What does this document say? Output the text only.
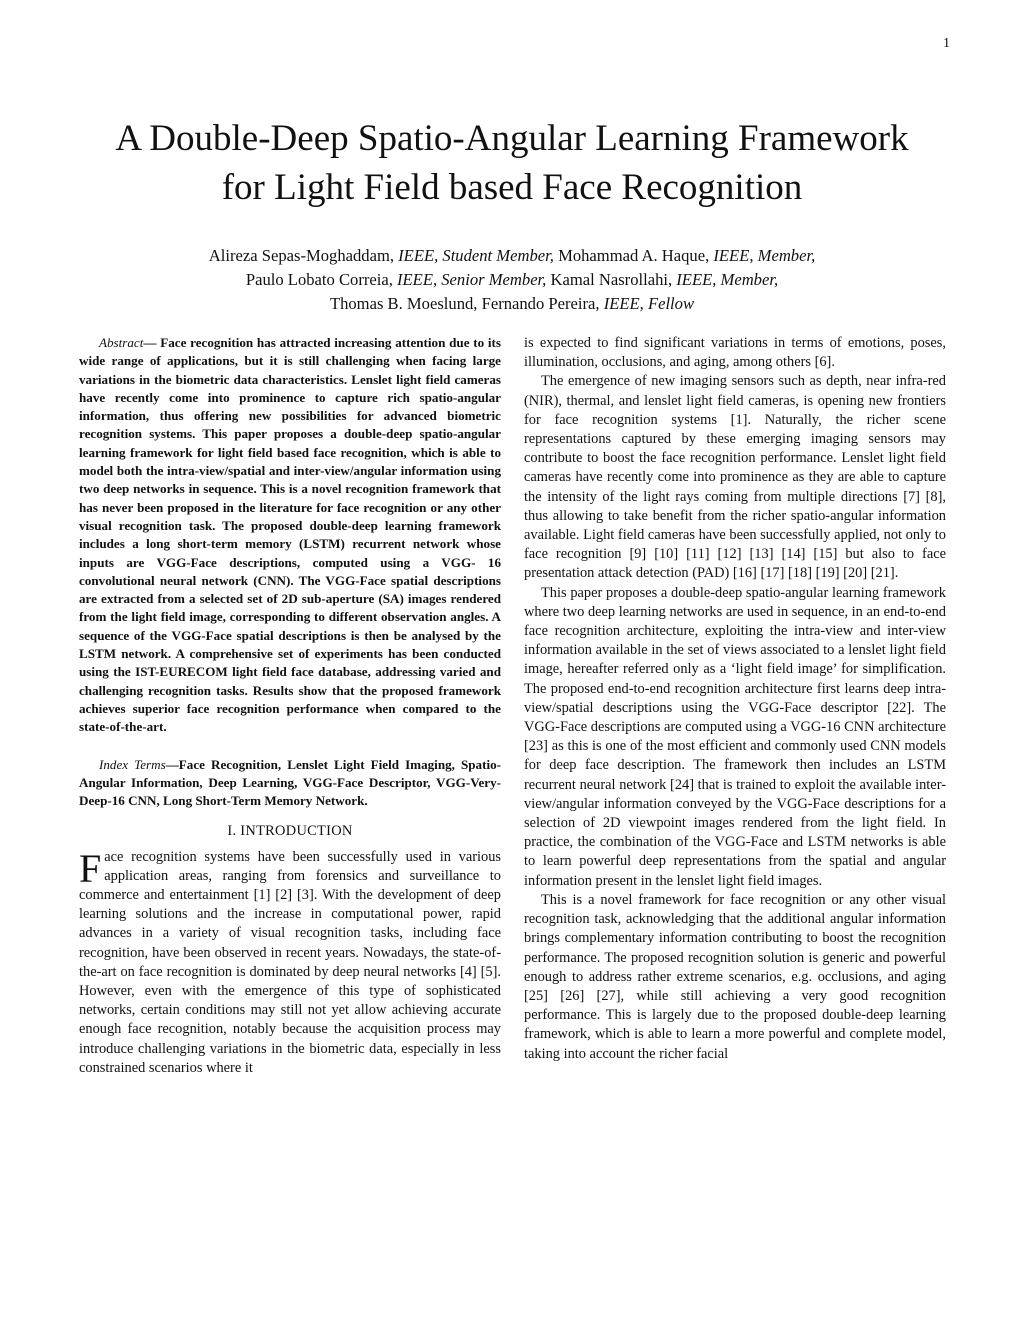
1
A Double-Deep Spatio-Angular Learning Framework
for Light Field based Face Recognition
Alireza Sepas-Moghaddam, IEEE, Student Member, Mohammad A. Haque, IEEE, Member,
Paulo Lobato Correia, IEEE, Senior Member, Kamal Nasrollahi, IEEE, Member,
Thomas B. Moeslund, Fernando Pereira, IEEE, Fellow

Abstract— Face recognition has attracted increasing attention due to its wide range of applications, but it is still challenging when facing large variations in the biometric data characteristics. Lenslet light field cameras have recently come into prominence to capture rich spatio-angular information, thus offering new possibilities for advanced biometric recognition systems. This paper proposes a double-deep spatio-angular learning framework for light field based face recognition, which is able to model both the intra-view/spatial and inter-view/angular information using two deep networks in sequence. This is a novel recognition framework that has never been proposed in the literature for face recognition or any other visual recognition task. The proposed double-deep learning framework includes a long short-term memory (LSTM) recurrent network whose inputs are VGG-Face descriptions, computed using a VGG- 16 convolutional neural network (CNN). The VGG-Face spatial descriptions are extracted from a selected set of 2D sub-aperture (SA) images rendered from the light field image, corresponding to different observation angles. A sequence of the VGG-Face spatial descriptions is then be analysed by the LSTM network. A comprehensive set of experiments has been conducted using the IST-EURECOM light field face database, addressing varied and challenging recognition tasks. Results show that the proposed framework achieves superior face recognition performance when compared to the state-of-the-art.

Index Terms—Face Recognition, Lenslet Light Field Imaging, Spatio-Angular Information, Deep Learning, VGG-Face Descriptor, VGG-Very-Deep-16 CNN, Long Short-Term Memory Network.

I. INTRODUCTION

Face recognition systems have been successfully used in various application areas, ranging from forensics and surveillance to commerce and entertainment [1] [2] [3]. With the development of deep learning solutions and the increase in computational power, rapid advances in a variety of visual recognition tasks, including face recognition, have been observed in recent years. Nowadays, the state-of-the-art on face recognition is dominated by deep neural networks [4] [5]. However, even with the emergence of this type of sophisticated networks, certain conditions may still not yet allow achieving accurate enough face recognition, notably because the acquisition process may introduce challenging variations in the biometric data, especially in less constrained scenarios where it

is expected to find significant variations in terms of emotions, poses, illumination, occlusions, and aging, among others [6].

The emergence of new imaging sensors such as depth, near infra-red (NIR), thermal, and lenslet light field cameras, is opening new frontiers for face recognition systems [1]. Naturally, the richer scene representations captured by these emerging imaging sensors may contribute to boost the face recognition performance. Lenslet light field cameras have recently come into prominence as they are able to capture the intensity of the light rays coming from multiple directions [7] [8], thus allowing to take benefit from the richer spatio-angular information available. Light field cameras have been successfully applied, not only to face recognition [9] [10] [11] [12] [13] [14] [15] but also to face presentation attack detection (PAD) [16] [17] [18] [19] [20] [21].

This paper proposes a double-deep spatio-angular learning framework where two deep learning networks are used in sequence, in an end-to-end face recognition architecture, exploiting the intra-view and inter-view information available in the set of views associated to a lenslet light field image, hereafter referred only as a ‘light field image’ for simplification. The proposed end-to-end recognition architecture first learns deep intra-view/spatial descriptions using the VGG-Face descriptor [22]. The VGG-Face descriptions are computed using a VGG-16 CNN architecture [23] as this is one of the most efficient and commonly used CNN models for deep face description. The framework then includes an LSTM recurrent neural network [24] that is trained to exploit the available inter-view/angular information conveyed by the VGG-Face descriptions for a selection of 2D viewpoint images rendered from the light field. In practice, the combination of the VGG-Face and LSTM networks is able to learn powerful deep representations from the spatial and angular information present in the lenslet light field images.

This is a novel framework for face recognition or any other visual recognition task, acknowledging that the additional angular information brings complementary information contributing to boost the recognition performance. The proposed recognition solution is generic and powerful enough to address rather extreme scenarios, e.g. occlusions, and aging [25] [26] [27], while still achieving a very good recognition performance. This is largely due to the proposed double-deep learning framework, which is able to learn a more powerful and complete model, taking into account the richer facial
